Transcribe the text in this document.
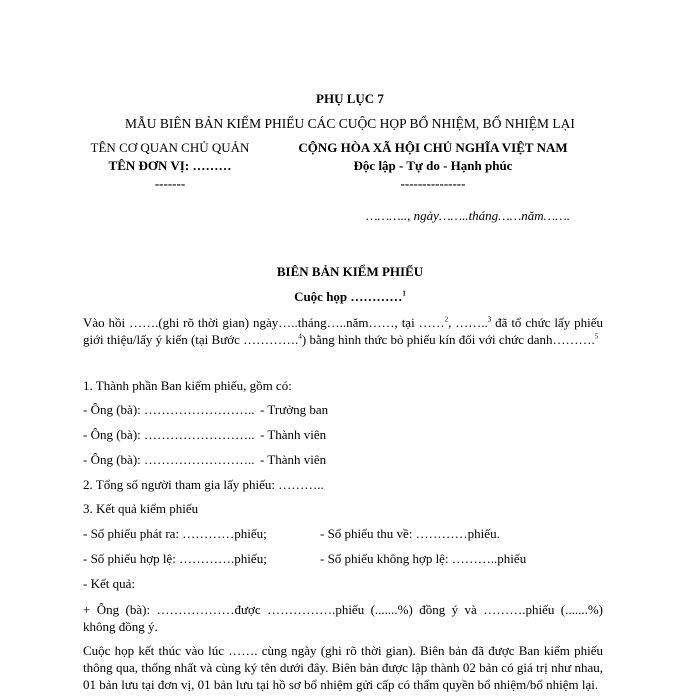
PHỤ LỤC 7
MẪU BIÊN BẢN KIỂM PHIẾU CÁC CUỘC HỌP BỔ NHIỆM, BỔ NHIỆM LẠI
TÊN CƠ QUAN CHỦ QUẢN
TÊN ĐƠN VỊ: ………
-------
CỘNG HÒA XÃ HỘI CHỦ NGHĨA VIỆT NAM
Độc lập - Tự do - Hạnh phúc
---------------
……….., ngày……..tháng……năm…….
BIÊN BẢN KIỂM PHIẾU
Cuộc họp …………$^1$
Vào hồi …….(ghi rõ thời gian) ngày…..tháng…..năm……, tại ……$^2$, ……..$^3$ đã tổ chức lấy phiếu giới thiệu/lấy ý kiến (tại Bước ………….$^4$) bằng hình thức bỏ phiếu kín đối với chức danh……….$^5$
1. Thành phần Ban kiểm phiếu, gồm có:
- Ông (bà): …………………….. - Trưởng ban
- Ông (bà): …………………….. - Thành viên
- Ông (bà): …………………….. - Thành viên
2. Tổng số người tham gia lấy phiếu: ………..
3. Kết quả kiểm phiếu
- Số phiếu phát ra: …………phiếu;	- Số phiếu thu về: …………phiếu.
- Số phiếu hợp lệ: ………….phiếu;	- Số phiếu không hợp lệ: ………..phiếu
- Kết quả:
+ Ông (bà): ………………được …………….phiếu (.......%) đồng ý và ……….phiếu (.......%) không đồng ý.
Cuộc họp kết thúc vào lúc ……. cùng ngày (ghi rõ thời gian). Biên bản đã được Ban kiểm phiếu thông qua, thống nhất và cùng ký tên dưới đây. Biên bản được lập thành 02 bản có giá trị như nhau, 01 bản lưu tại đơn vị, 01 bản lưu tại hồ sơ bổ nhiệm gửi cấp có thẩm quyền bổ nhiệm/bổ nhiệm lại.
